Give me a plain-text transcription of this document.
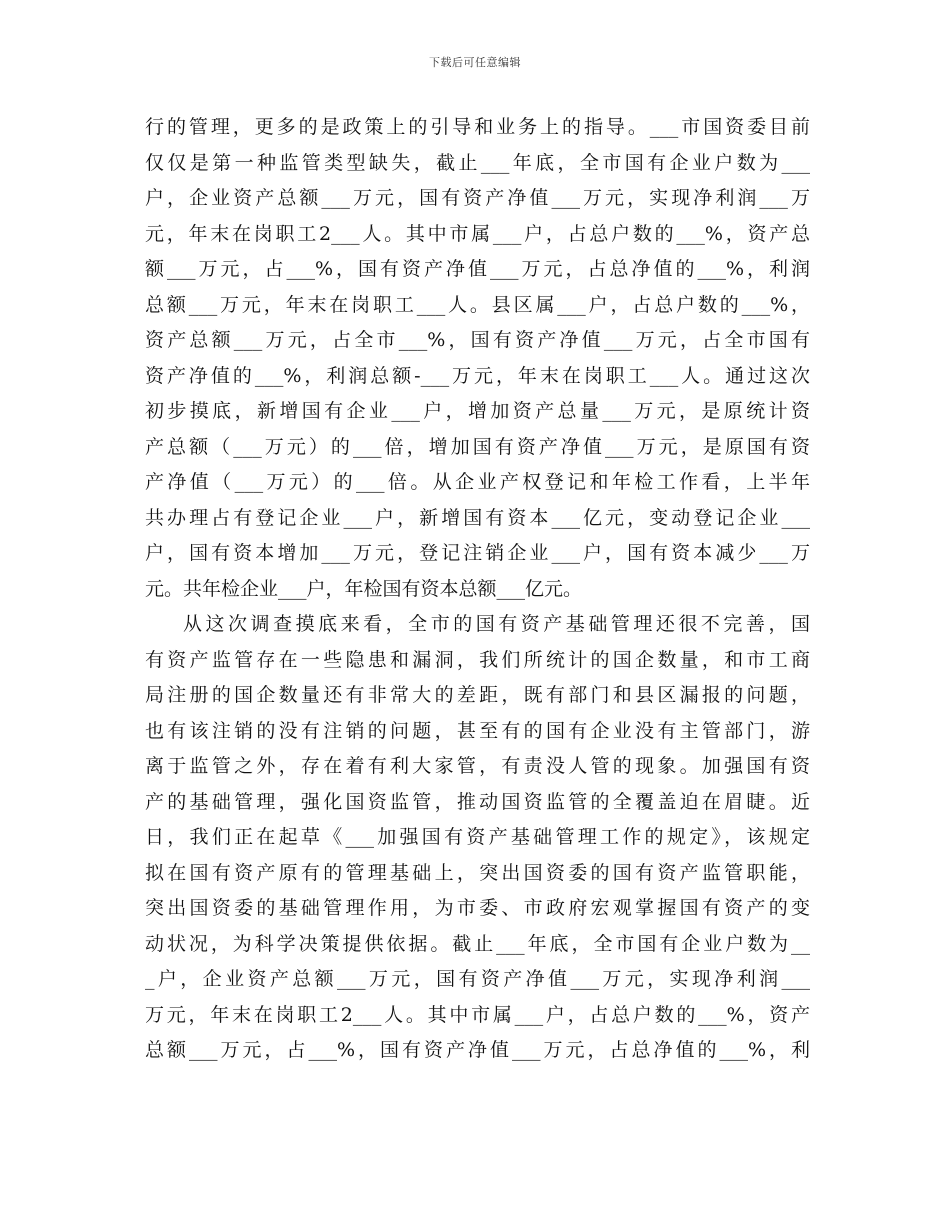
下载后可任意编辑
行的管理，更多的是政策上的引导和业务上的指导。___市国资委目前
仅仅是第一种监管类型缺失，截止___年底，全市国有企业户数为___
户，企业资产总额___万元，国有资产净值___万元，实现净利润___万
元，年末在岗职工2___人。其中市属___户，占总户数的___%，资产总
额___万元，占___%，国有资产净值___万元，占总净值的___%，利润
总额___万元，年末在岗职工___人。县区属___户，占总户数的___%，
资产总额___万元，占全市___%，国有资产净值___万元，占全市国有
资产净值的___%，利润总额-___万元，年末在岗职工___人。通过这次
初步摸底，新增国有企业___户，增加资产总量___万元，是原统计资
产总额（___万元）的___倍，增加国有资产净值___万元，是原国有资
产净值（___万元）的___倍。从企业产权登记和年检工作看，上半年
共办理占有登记企业___户，新增国有资本___亿元，变动登记企业___
户，国有资本增加___万元，登记注销企业___户，国有资本减少___万
元。共年检企业___户，年检国有资本总额___亿元。
从这次调查摸底来看，全市的国有资产基础管理还很不完善，国
有资产监管存在一些隐患和漏洞，我们所统计的国企数量，和市工商
局注册的国企数量还有非常大的差距，既有部门和县区漏报的问题，
也有该注销的没有注销的问题，甚至有的国有企业没有主管部门，游
离于监管之外，存在着有利大家管，有责没人管的现象。加强国有资
产的基础管理，强化国资监管，推动国资监管的全覆盖迫在眉睫。近
日，我们正在起草《___加强国有资产基础管理工作的规定》，该规定
拟在国有资产原有的管理基础上，突出国资委的国有资产监管职能，
突出国资委的基础管理作用，为市委、市政府宏观掌握国有资产的变
动状况，为科学决策提供依据。截止___年底，全市国有企业户数为__
_户，企业资产总额___万元，国有资产净值___万元，实现净利润___
万元，年末在岗职工2___人。其中市属___户，占总户数的___%，资产
总额___万元，占___%，国有资产净值___万元，占总净值的___%，利
